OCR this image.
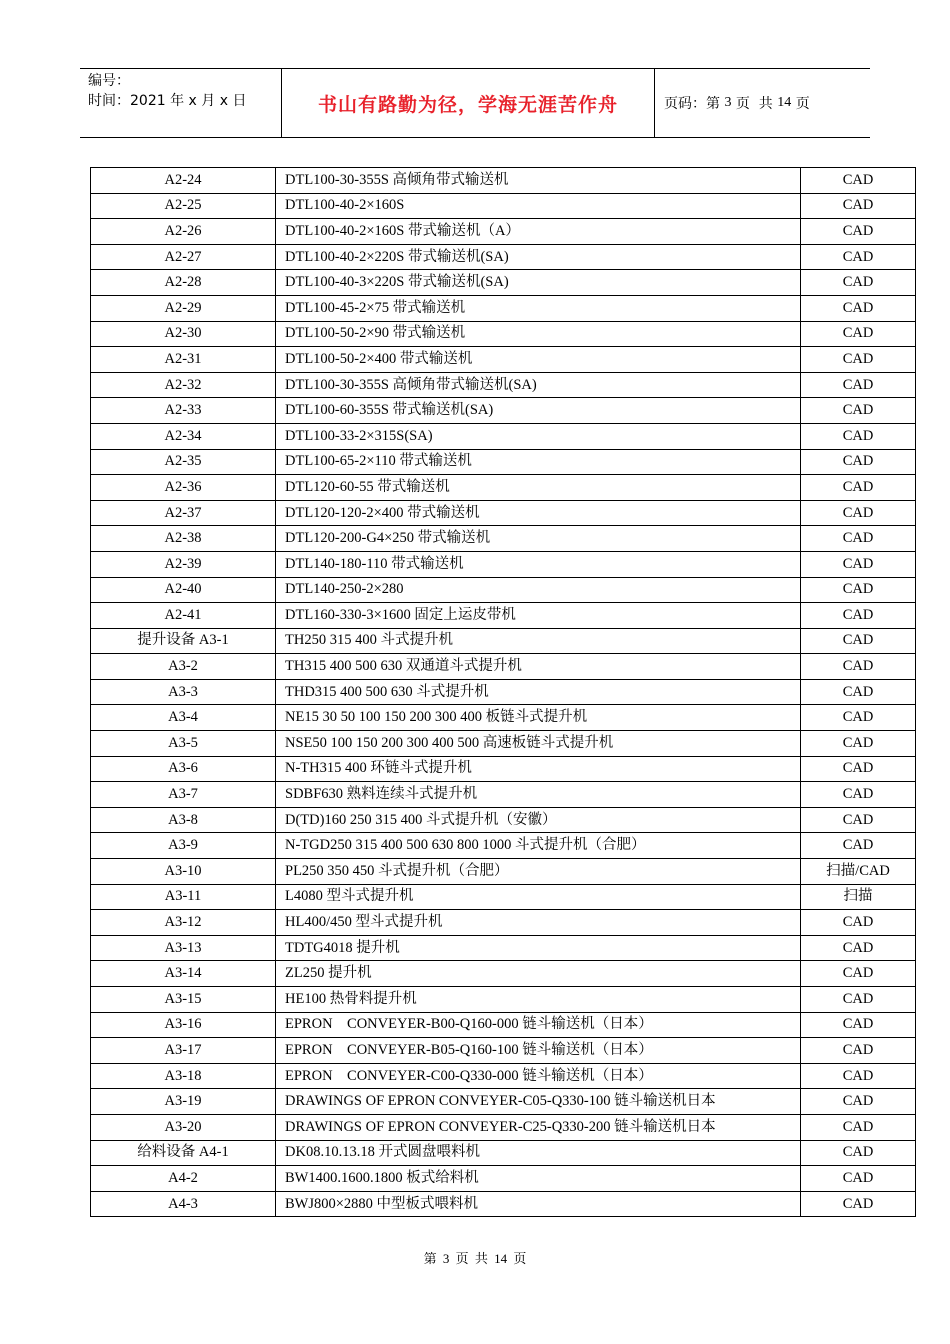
编号：
时间：2021 年 x 月 x 日	书山有路勤为径，学海无涯苦作舟	页码：第 3 页  共 14 页
A2-24	DTL100-30-355S 高倾角带式输送机	CAD
A2-25	DTL100-40-2×160S	CAD
A2-26	DTL100-40-2×160S 带式输送机（A）	CAD
A2-27	DTL100-40-2×220S 带式输送机(SA)	CAD
A2-28	DTL100-40-3×220S 带式输送机(SA)	CAD
A2-29	DTL100-45-2×75 带式输送机	CAD
A2-30	DTL100-50-2×90 带式输送机	CAD
A2-31	DTL100-50-2×400 带式输送机	CAD
A2-32	DTL100-30-355S 高倾角带式输送机(SA)	CAD
A2-33	DTL100-60-355S 带式输送机(SA)	CAD
A2-34	DTL100-33-2×315S(SA)	CAD
A2-35	DTL100-65-2×110 带式输送机	CAD
A2-36	DTL120-60-55 带式输送机	CAD
A2-37	DTL120-120-2×400 带式输送机	CAD
A2-38	DTL120-200-G4×250 带式输送机	CAD
A2-39	DTL140-180-110 带式输送机	CAD
A2-40	DTL140-250-2×280	CAD
A2-41	DTL160-330-3×1600 固定上运皮带机	CAD
提升设备 A3-1	TH250 315 400 斗式提升机	CAD
A3-2	TH315 400 500 630 双通道斗式提升机	CAD
A3-3	THD315 400 500 630 斗式提升机	CAD
A3-4	NE15 30 50 100 150 200 300 400 板链斗式提升机	CAD
A3-5	NSE50 100 150 200 300 400 500 高速板链斗式提升机	CAD
A3-6	N-TH315 400 环链斗式提升机	CAD
A3-7	SDBF630 熟料连续斗式提升机	CAD
A3-8	D(TD)160 250 315 400 斗式提升机（安徽）	CAD
A3-9	N-TGD250 315 400 500 630 800 1000 斗式提升机（合肥）	CAD
A3-10	PL250 350 450 斗式提升机（合肥）	扫描/CAD
A3-11	L4080 型斗式提升机	扫描
A3-12	HL400/450 型斗式提升机	CAD
A3-13	TDTG4018 提升机	CAD
A3-14	ZL250 提升机	CAD
A3-15	HE100 热骨料提升机	CAD
A3-16	EPRON　CONVEYER-B00-Q160-000 链斗输送机（日本）	CAD
A3-17	EPRON　CONVEYER-B05-Q160-100 链斗输送机（日本）	CAD
A3-18	EPRON　CONVEYER-C00-Q330-000 链斗输送机（日本）	CAD
A3-19	DRAWINGS OF EPRON CONVEYER-C05-Q330-100 链斗输送机日本	CAD
A3-20	DRAWINGS OF EPRON CONVEYER-C25-Q330-200 链斗输送机日本	CAD
给料设备 A4-1	DK08.10.13.18 开式圆盘喂料机	CAD
A4-2	BW1400.1600.1800 板式给料机	CAD
A4-3	BWJ800×2880 中型板式喂料机	CAD
第 3 页 共 14 页
